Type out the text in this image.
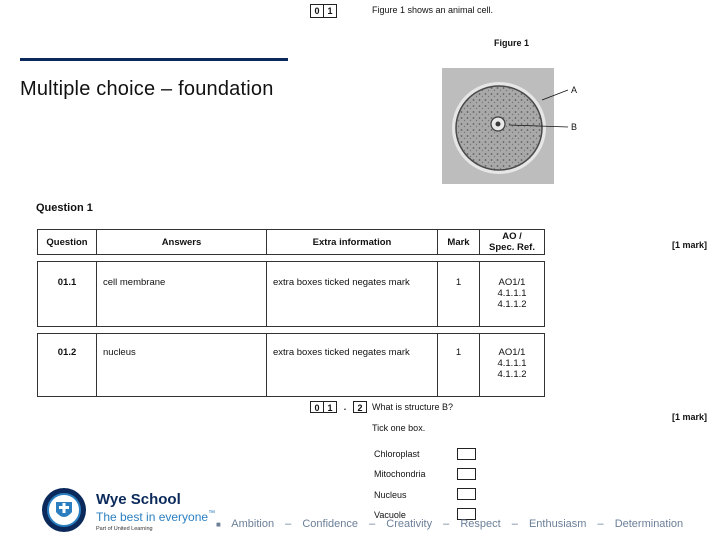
0 1	Figure 1 shows an animal cell.
Figure 1
Multiple choice – foundation	A
B
Question 1
Question	Answers	Extra information	Mark	AO /
Spec. Ref.
01.1	cell membrane	extra boxes ticked negates mark	1	AO1/1
4.1.1.1
4.1.1.2
01.2	nucleus	extra boxes ticked negates mark	1	AO1/1
4.1.1.1
4.1.1.2
[1 mark]
[1 mark]
0 1	.	2	What is structure B?
Tick one box.
Chloroplast
Mitochondria
Nucleus
Vacuole
Wye School
The best in everyone™
Part of United Learning	■ Ambition – Confidence – Creativity – Respect – Enthusiasm – Determination
